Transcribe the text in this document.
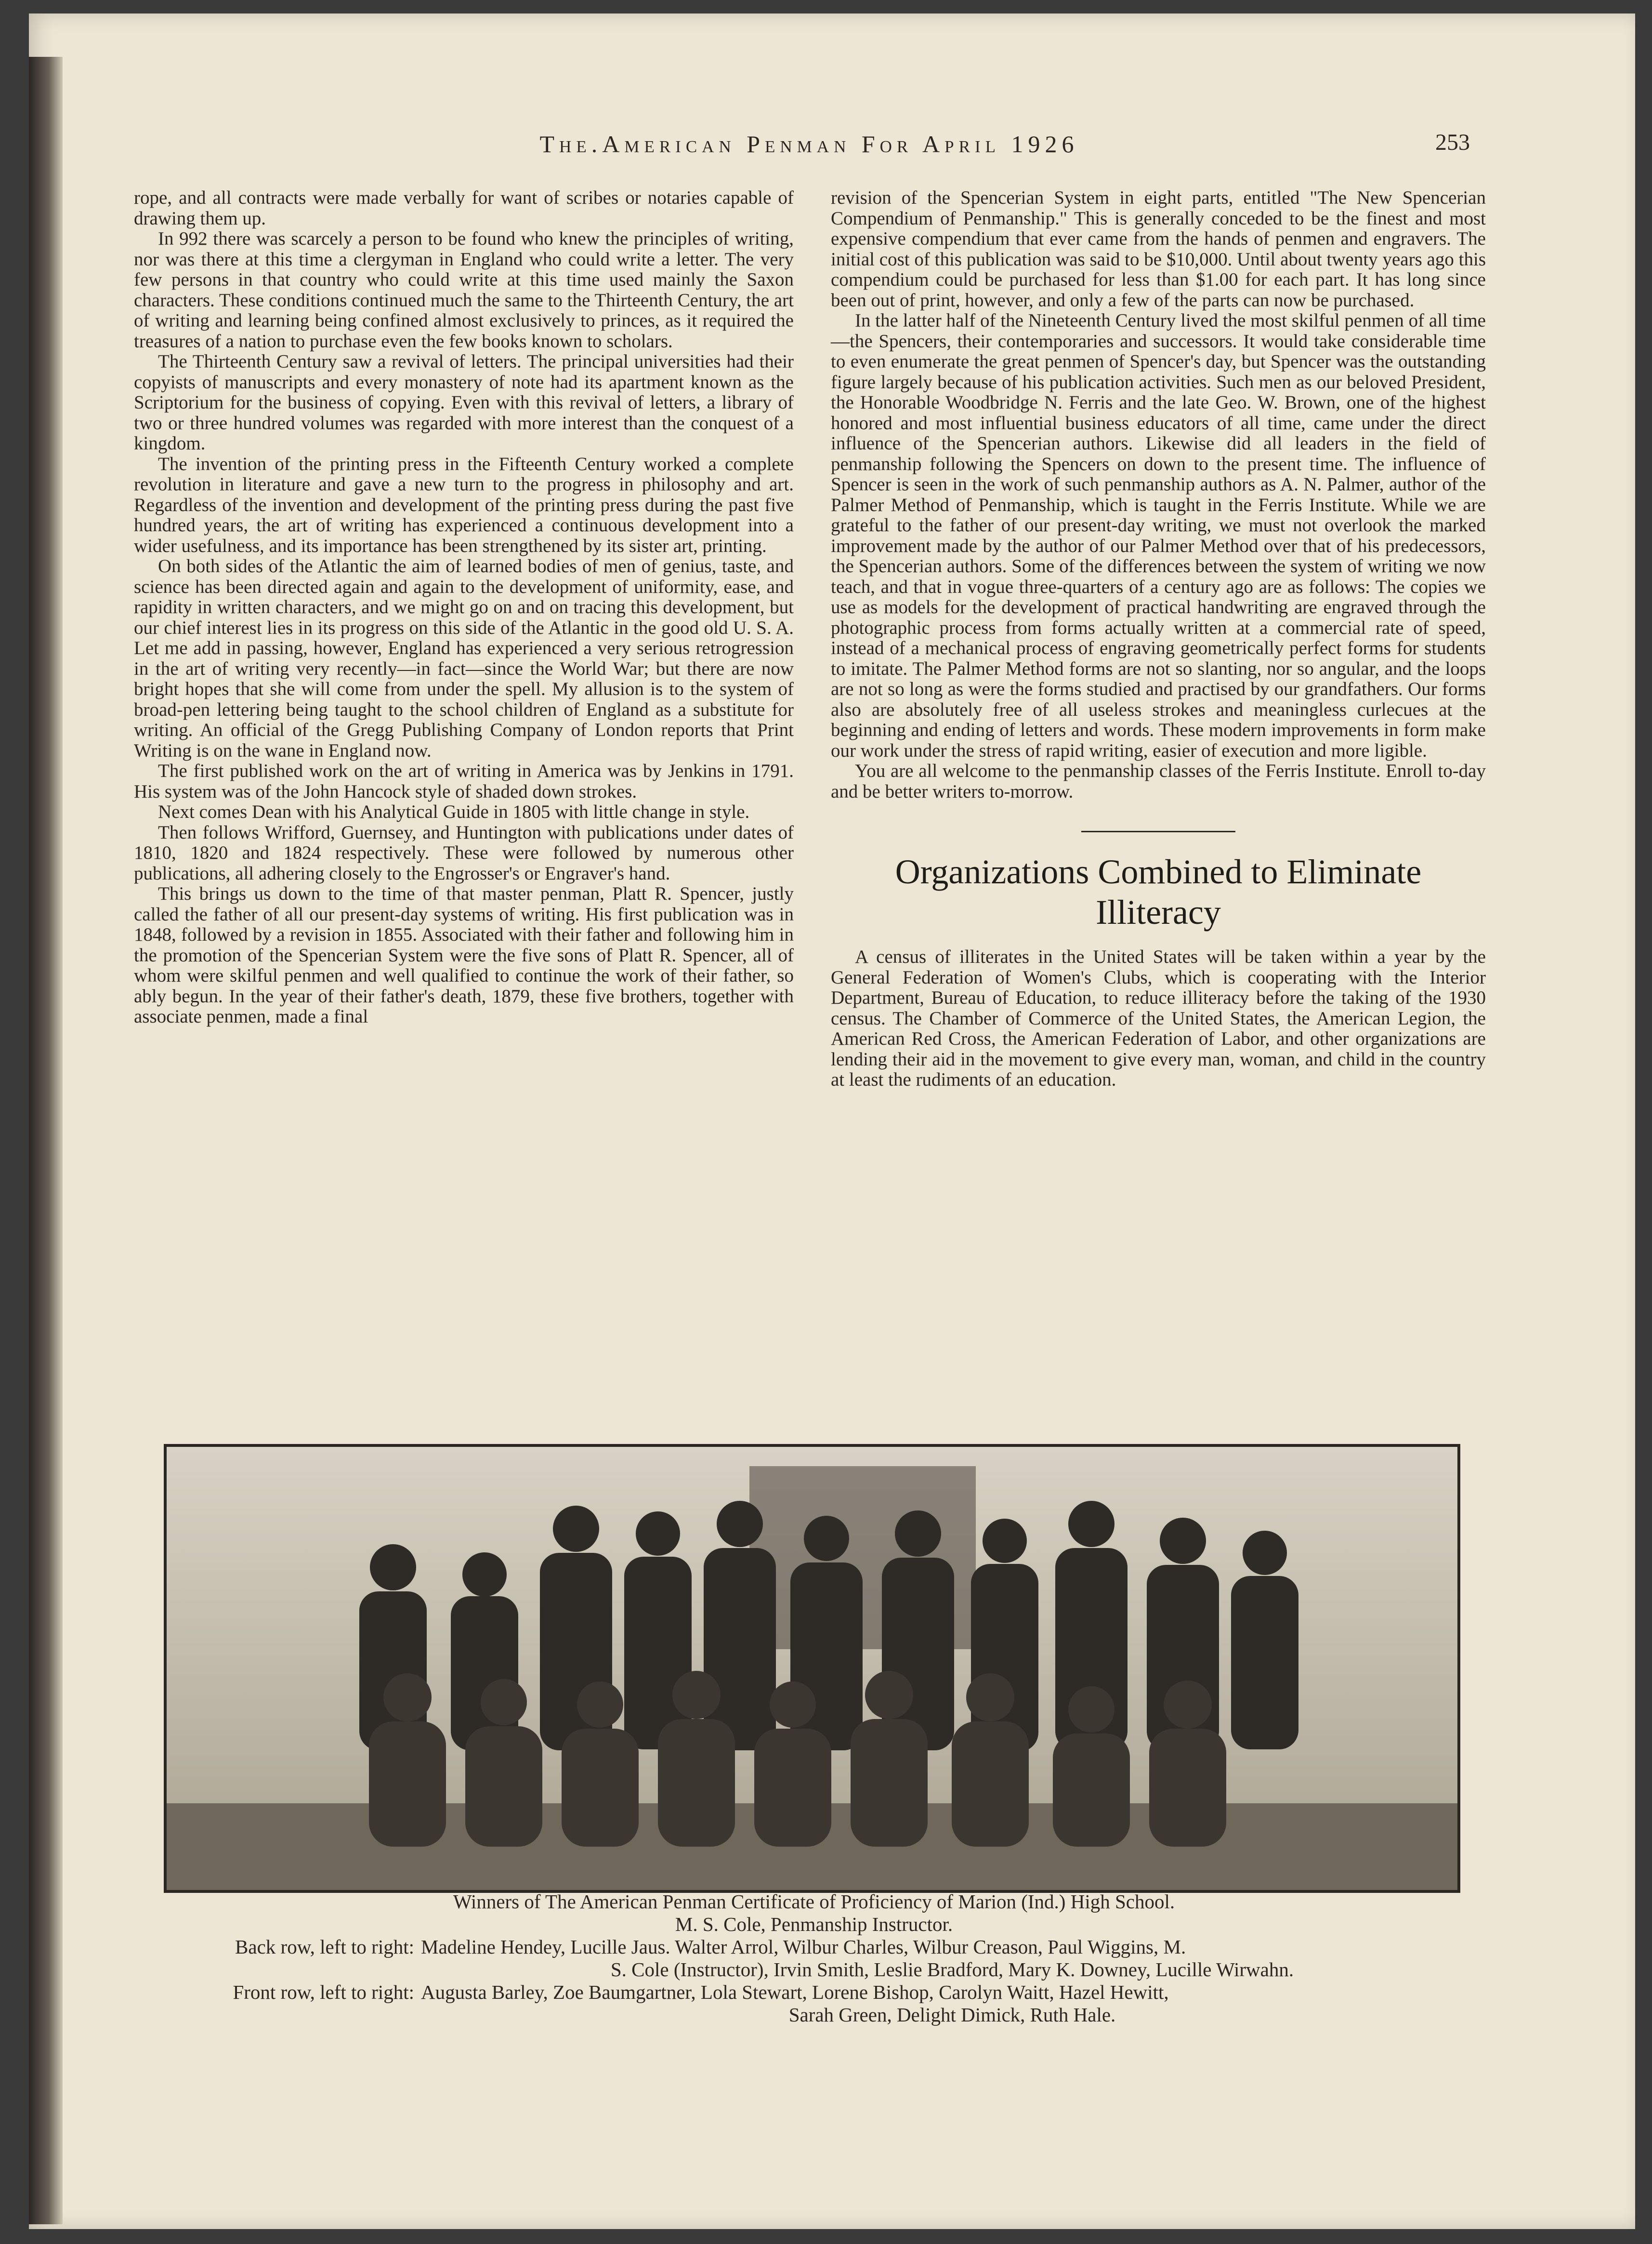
The.American Penman For April 1926	253

rope, and all contracts were made verbally for want of scribes or notaries capable of drawing them up.

In 992 there was scarcely a person to be found who knew the principles of writing, nor was there at this time a clergyman in England who could write a letter. The very few persons in that country who could write at this time used mainly the Saxon characters. These conditions continued much the same to the Thirteenth Century, the art of writing and learning being confined almost exclusively to princes, as it required the treasures of a nation to purchase even the few books known to scholars.

The Thirteenth Century saw a revival of letters. The principal universities had their copyists of manuscripts and every monastery of note had its apartment known as the Scriptorium for the business of copying. Even with this revival of letters, a library of two or three hundred volumes was regarded with more interest than the conquest of a kingdom.

The invention of the printing press in the Fifteenth Century worked a complete revolution in literature and gave a new turn to the progress in philosophy and art. Regardless of the invention and development of the printing press during the past five hundred years, the art of writing has experienced a continuous development into a wider usefulness, and its importance has been strengthened by its sister art, printing.

On both sides of the Atlantic the aim of learned bodies of men of genius, taste, and science has been directed again and again to the development of uniformity, ease, and rapidity in written characters, and we might go on and on tracing this development, but our chief interest lies in its progress on this side of the Atlantic in the good old U. S. A. Let me add in passing, however, England has experienced a very serious retrogression in the art of writing very recently—in fact—since the World War; but there are now bright hopes that she will come from under the spell. My allusion is to the system of broad-pen lettering being taught to the school children of England as a substitute for writing. An official of the Gregg Publishing Company of London reports that Print Writing is on the wane in England now.

The first published work on the art of writing in America was by Jenkins in 1791. His system was of the John Hancock style of shaded down strokes.

Next comes Dean with his Analytical Guide in 1805 with little change in style.

Then follows Wrifford, Guernsey, and Huntington with publications under dates of 1810, 1820 and 1824 respectively. These were followed by numerous other publications, all adhering closely to the Engrosser's or Engraver's hand.

This brings us down to the time of that master penman, Platt R. Spencer, justly called the father of all our present-day systems of writing. His first publication was in 1848, followed by a revision in 1855. Associated with their father and following him in the promotion of the Spencerian System were the five sons of Platt R. Spencer, all of whom were skilful penmen and well qualified to continue the work of their father, so ably begun. In the year of their father's death, 1879, these five brothers, together with associate penmen, made a final

revision of the Spencerian System in eight parts, entitled "The New Spencerian Compendium of Penmanship." This is generally conceded to be the finest and most expensive compendium that ever came from the hands of penmen and engravers. The initial cost of this publication was said to be $10,000. Until about twenty years ago this compendium could be purchased for less than $1.00 for each part. It has long since been out of print, however, and only a few of the parts can now be purchased.

In the latter half of the Nineteenth Century lived the most skilful penmen of all time—the Spencers, their contemporaries and successors. It would take considerable time to even enumerate the great penmen of Spencer's day, but Spencer was the outstanding figure largely because of his publication activities. Such men as our beloved President, the Honorable Woodbridge N. Ferris and the late Geo. W. Brown, one of the highest honored and most influential business educators of all time, came under the direct influence of the Spencerian authors. Likewise did all leaders in the field of penmanship following the Spencers on down to the present time. The influence of Spencer is seen in the work of such penmanship authors as A. N. Palmer, author of the Palmer Method of Penmanship, which is taught in the Ferris Institute. While we are grateful to the father of our present-day writing, we must not overlook the marked improvement made by the author of our Palmer Method over that of his predecessors, the Spencerian authors. Some of the differences between the system of writing we now teach, and that in vogue three-quarters of a century ago are as follows: The copies we use as models for the development of practical handwriting are engraved through the photographic process from forms actually written at a commercial rate of speed, instead of a mechanical process of engraving geometrically perfect forms for students to imitate. The Palmer Method forms are not so slanting, nor so angular, and the loops are not so long as were the forms studied and practised by our grandfathers. Our forms also are absolutely free of all useless strokes and meaningless curlecues at the beginning and ending of letters and words. These modern improvements in form make our work under the stress of rapid writing, easier of execution and more ligible.

You are all welcome to the penmanship classes of the Ferris Institute. Enroll to-day and be better writers to-morrow.

Organizations Combined to Eliminate Illiteracy

A census of illiterates in the United States will be taken within a year by the General Federation of Women's Clubs, which is cooperating with the Interior Department, Bureau of Education, to reduce illiteracy before the taking of the 1930 census. The Chamber of Commerce of the United States, the American Legion, the American Red Cross, the American Federation of Labor, and other organizations are lending their aid in the movement to give every man, woman, and child in the country at least the rudiments of an education.

Winners of The American Penman Certificate of Proficiency of Marion (Ind.) High School.
M. S. Cole, Penmanship Instructor.
Back row, left to right: Madeline Hendey, Lucille Jaus. Walter Arrol, Wilbur Charles, Wilbur Creason, Paul Wiggins, M.
S. Cole (Instructor), Irvin Smith, Leslie Bradford, Mary K. Downey, Lucille Wirwahn.
Front row, left to right: Augusta Barley, Zoe Baumgartner, Lola Stewart, Lorene Bishop, Carolyn Waitt, Hazel Hewitt,
Sarah Green, Delight Dimick, Ruth Hale.
